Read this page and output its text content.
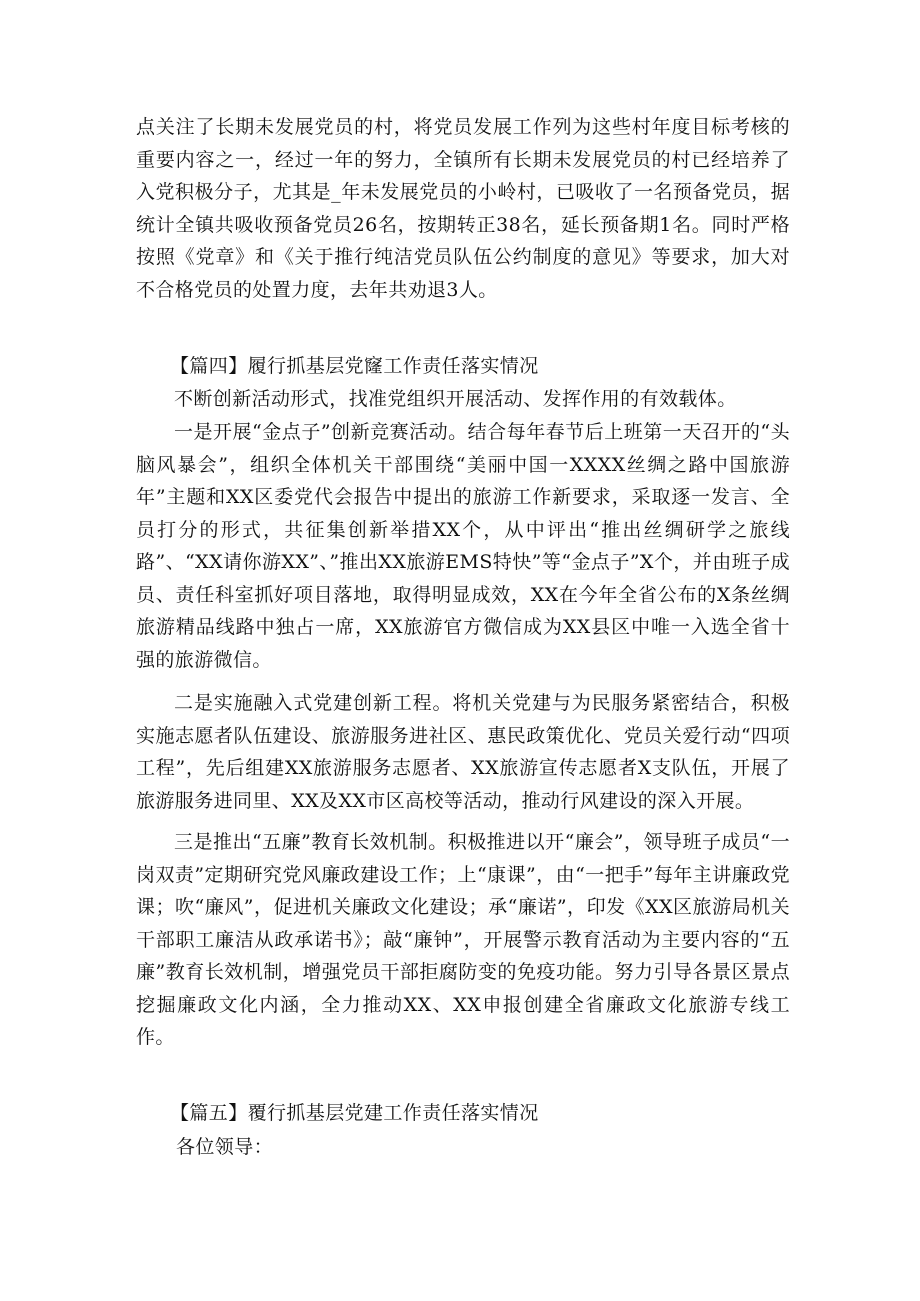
点关注了长期未发展党员的村，将党员发展工作列为这些村年度目标考核的重要内容之一，经过一年的努力，全镇所有长期未发展党员的村已经培养了入党积极分子，尤其是_年未发展党员的小岭村，已吸收了一名预备党员，据统计全镇共吸收预备党员26名，按期转正38名，延长预备期1名。同时严格按照《党章》和《关于推行纯洁党员队伍公约制度的意见》等要求，加大对不合格党员的处置力度，去年共劝退3人。

【篇四】履行抓基层党窿工作责任落实情况

不断创新活动形式，找准党组织开展活动、发挥作用的有效载体。

一是开展“金点子”创新竞赛活动。结合每年春节后上班第一天召开的“头脑风暴会”，组织全体机关干部围绕“美丽中国一XXXX丝绸之路中国旅游年”主题和XX区委党代会报告中提出的旅游工作新要求，采取逐一发言、全员打分的形式，共征集创新举措XX个，从中评出“推出丝绸研学之旅线路”、“XX请你游XX”、”推出XX旅游EMS特快”等“金点子”X个，并由班子成员、责任科室抓好项目落地，取得明显成效，XX在今年全省公布的X条丝绸旅游精品线路中独占一席，XX旅游官方微信成为XX县区中唯一入选全省十强的旅游微信。

二是实施融入式党建创新工程。将机关党建与为民服务紧密结合，积极实施志愿者队伍建设、旅游服务进社区、惠民政策优化、党员关爱行动“四项工程”，先后组建XX旅游服务志愿者、XX旅游宣传志愿者X支队伍，开展了旅游服务进同里、XX及XX市区高校等活动，推动行风建设的深入开展。

三是推出“五廉”教育长效机制。积极推进以开“廉会”，领导班子成员“一岗双责”定期研究党风廉政建设工作；上“康课”，由“一把手”每年主讲廉政党课；吹“廉风”，促进机关廉政文化建设；承“廉诺”，印发《XX区旅游局机关干部职工廉洁从政承诺书》；敲“廉钟”，开展警示教育活动为主要内容的“五廉”教育长效机制，增强党员干部拒腐防变的免疫功能。努力引导各景区景点挖掘廉政文化内涵，全力推动XX、XX申报创建全省廉政文化旅游专线工作。

【篇五】覆行抓基层党建工作责任落实情况

各位领导：
